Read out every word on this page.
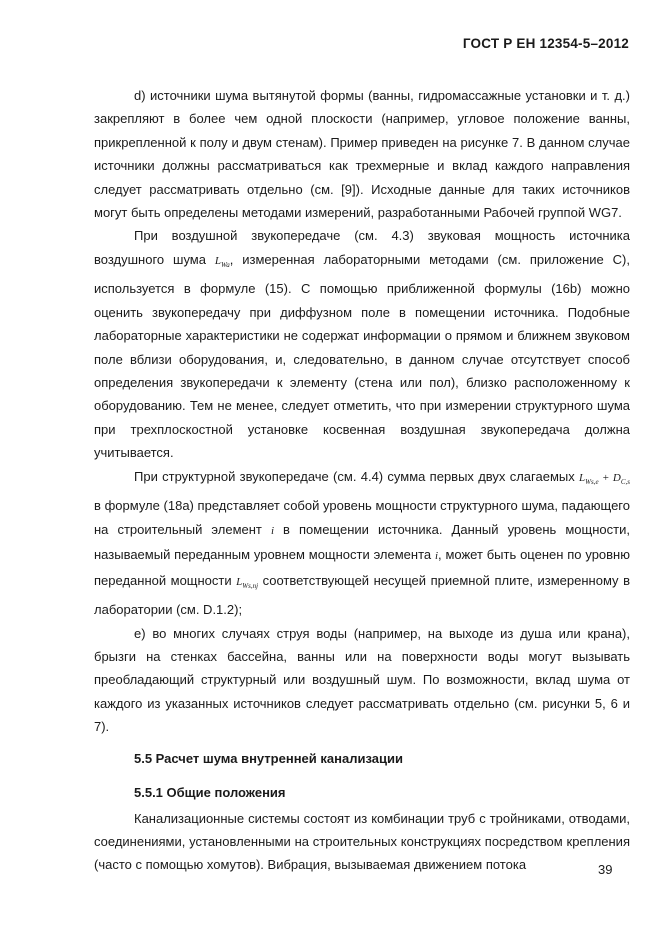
ГОСТ Р ЕН 12354-5–2012

d) источники шума вытянутой формы (ванны, гидромассажные установки и т. д.) закрепляют в более чем одной плоскости (например, угловое положение ванны, прикрепленной к полу и двум стенам). Пример приведен на рисунке 7. В данном случае источники должны рассматриваться как трехмерные и вклад каждого направления следует рассматривать отдельно (см. [9]). Исходные данные для таких источников могут быть определены методами измерений, разработанными Рабочей группой WG7.

При воздушной звукопередаче (см. 4.3) звуковая мощность источника воздушного шума $L_{Wa}$, измеренная лабораторными методами (см. приложение С), используется в формуле (15). С помощью приближенной формулы (16b) можно оценить звукопередачу при диффузном поле в помещении источника. Подобные лабораторные характеристики не содержат информации о прямом и ближнем звуковом поле вблизи оборудования, и, следовательно, в данном случае отсутствует способ определения звукопередачи к элементу (стена или пол), близко расположенному к оборудованию. Тем не менее, следует отметить, что при измерении структурного шума при трехплоскостной установке косвенная воздушная звукопередача должна учитывается.

При структурной звукопередаче (см. 4.4) сумма первых двух слагаемых $L_{Ws,e} + D_{C,s}$ в формуле (18а) представляет собой уровень мощности структурного шума, падающего на строительный элемент i в помещении источника. Данный уровень мощности, называемый переданным уровнем мощности элемента i, может быть оценен по уровню переданной мощности $L_{Ws,nj}$ соответствующей несущей приемной плите, измеренному в лаборатории (см. D.1.2);

е) во многих случаях струя воды (например, на выходе из душа или крана), брызги на стенках бассейна, ванны или на поверхности воды могут вызывать преобладающий структурный или воздушный шум. По возможности, вклад шума от каждого из указанных источников следует рассматривать отдельно (см. рисунки 5, 6 и 7).

5.5 Расчет шума внутренней канализации
5.5.1 Общие положения

Канализационные системы состоят из комбинации труб с тройниками, отводами, соединениями, установленными на строительных конструкциях посредством крепления (часто с помощью хомутов). Вибрация, вызываемая движением потока	39
